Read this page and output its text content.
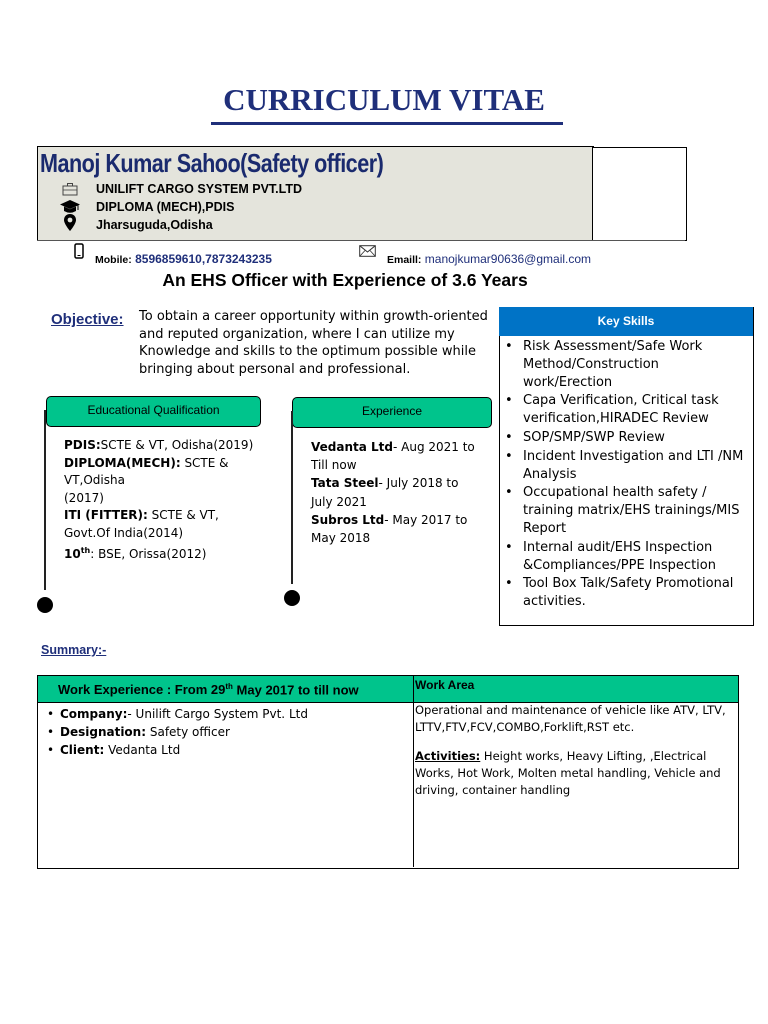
CURRICULUM VITAE
Manoj Kumar Sahoo(Safety officer)
UNILIFT CARGO SYSTEM PVT.LTD
DIPLOMA (MECH),PDIS
Jharsuguda,Odisha
Mobile: 8596859610,7873243235	Emaill: manojkumar90636@gmail.com
An EHS Officer with Experience of 3.6 Years
Objective: To obtain a career opportunity within growth-oriented and reputed organization, where I can utilize my Knowledge and skills to the optimum possible while bringing about personal and professional.
Key Skills
• Risk Assessment/Safe Work Method/Construction work/Erection
• Capa Verification, Critical task verification,HIRADEC Review
• SOP/SMP/SWP Review
• Incident Investigation and LTI /NM Analysis
• Occupational health safety / training matrix/EHS trainings/MIS Report
• Internal audit/EHS Inspection &Compliances/PPE Inspection
• Tool Box Talk/Safety Promotional activities.
Educational Qualification
PDIS:SCTE & VT, Odisha(2019)
DIPLOMA(MECH): SCTE & VT,Odisha
(2017)
ITI (FITTER): SCTE & VT, Govt.Of India(2014)
10th: BSE, Orissa(2012)
Experience
Vedanta Ltd- Aug 2021 to Till now
Tata Steel- July 2018 to July 2021
Subros Ltd- May 2017 to May 2018
Summary:-
Work Experience : From 29th May 2017 to till now	Work Area
• Company:- Unilift Cargo System Pvt. Ltd
• Designation: Safety officer
• Client: Vedanta Ltd
Operational and maintenance of vehicle like ATV, LTV, LTTV,FTV,FCV,COMBO,Forklift,RST etc.
Activities: Height works, Heavy Lifting, ,Electrical Works, Hot Work, Molten metal handling, Vehicle and driving, container handling
